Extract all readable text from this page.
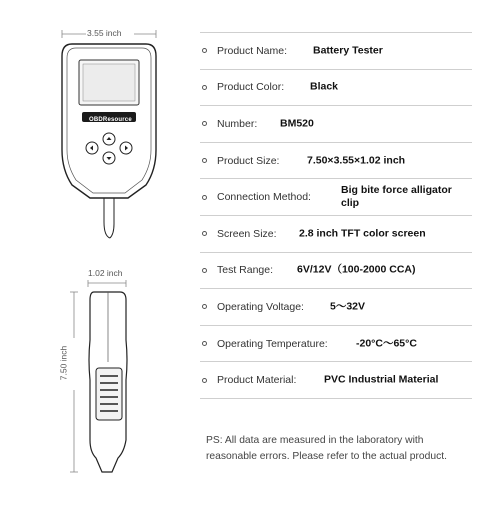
3.55 inch
OBDResource
1.02 inch
7.50 inch
Product Name: Battery Tester
Product Color: Black
Number: BM520
Product Size:	7.50×3.55×1.02 inch
Connection Method:
Big bite force alligator clip
Screen Size: 2.8 inch TFT color screen
Test Range: 6V/12V（100-2000 CCA)
Operating Voltage: 5～32V
Operating Temperature:	-20°C～65°C
Product Material:	PVC Industrial Material
PS: All data are measured in the laboratory with reasonable errors. Please refer to the actual product.
